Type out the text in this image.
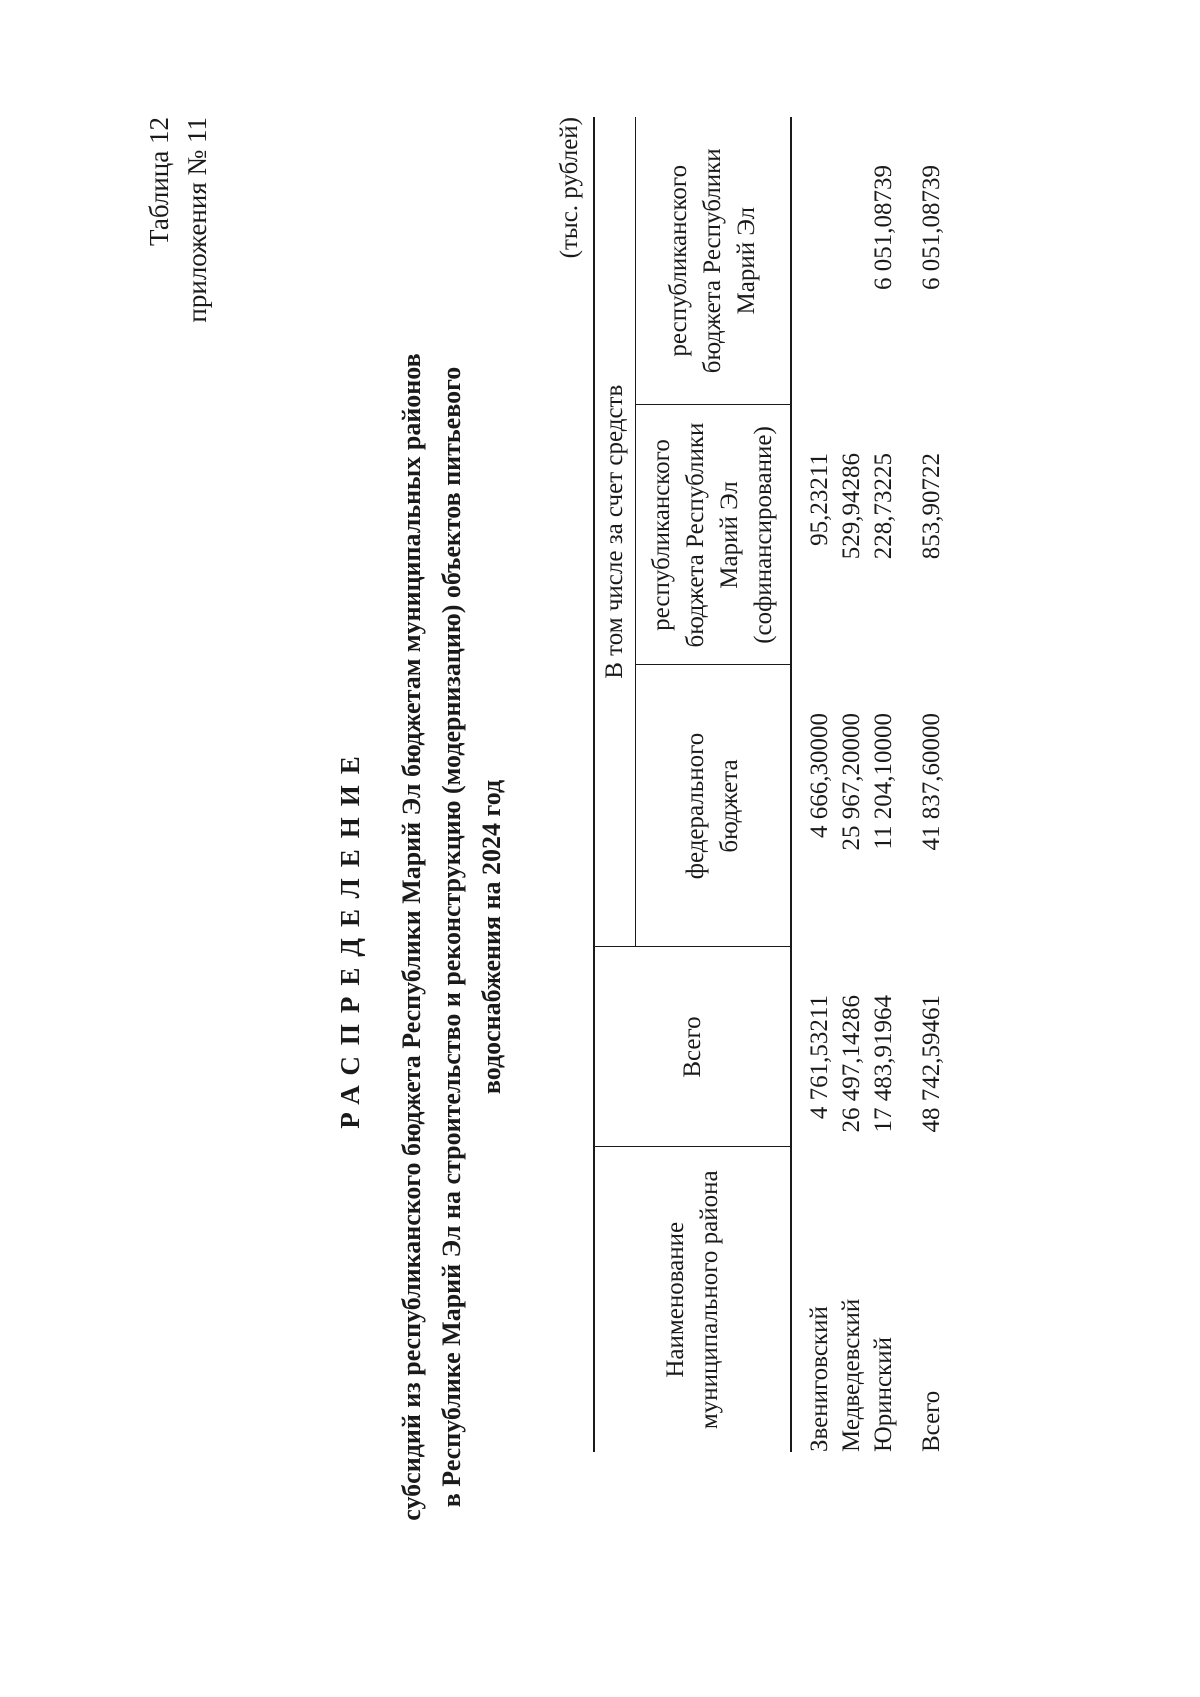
Таблица 12 приложения № 11
РАСПРЕДЕЛЕНИЕ субсидий из республиканского бюджета Республики Марий Эл бюджетам муниципальных районов в Республике Марий Эл на строительство и реконструкцию (модернизацию) объектов питьевого водоснабжения на 2024 год

(тыс. рублей)
Наименование муниципального района	Всего	В том числе за счет средств		
		федерального бюджета	республиканского бюджета Республики Марий Эл (софинансирование)	республиканского бюджета Республики Марий Эл
Звениговский	4 761,53211	4 666,30000	95,23211	
Медведевский	26 497,14286	25 967,20000	529,94286	
Юринский	17 483,91964	11 204,10000	228,73225	6 051,08739
Всего	48 742,59461	41 837,60000	853,90722	6 051,08739
